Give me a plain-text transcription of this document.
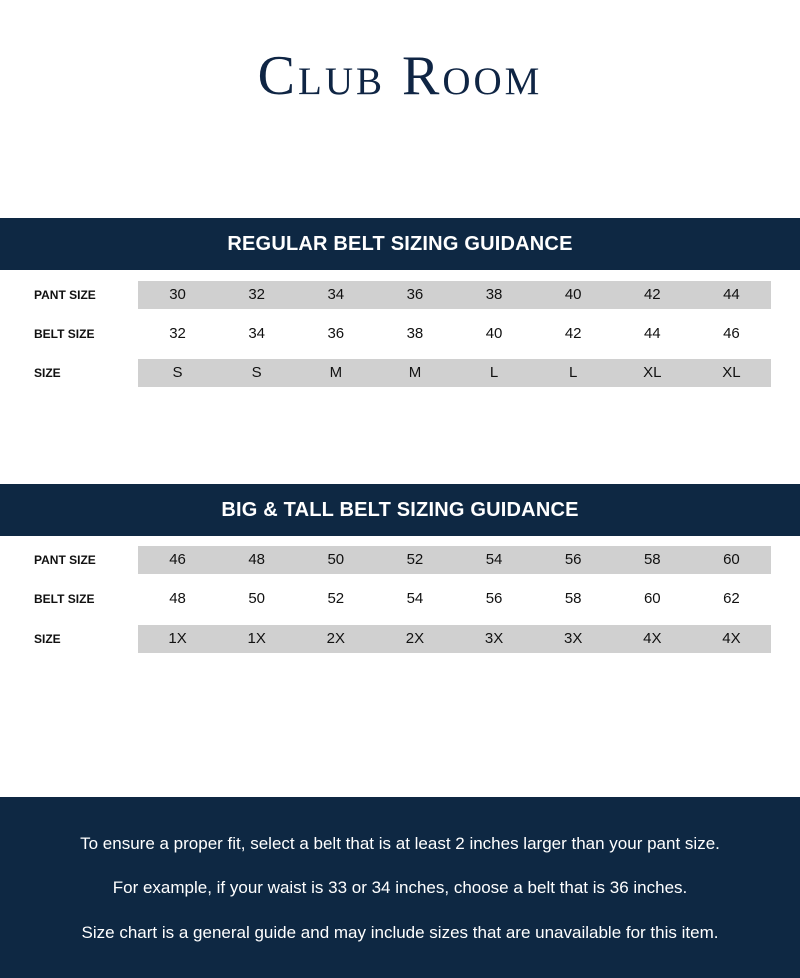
Club Room
REGULAR BELT SIZING GUIDANCE
PANT SIZE	30	32	34	36	38	40	42	44
BELT SIZE	32	34	36	38	40	42	44	46
SIZE	S	S	M	M	L	L	XL	XL
BIG & TALL BELT SIZING GUIDANCE
PANT SIZE	46	48	50	52	54	56	58	60
BELT SIZE	48	50	52	54	56	58	60	62
SIZE	1X	1X	2X	2X	3X	3X	4X	4X

To ensure a proper fit, select a belt that is at least 2 inches larger than your pant size.

For example, if your waist is 33 or 34 inches, choose a belt that is 36 inches.

Size chart is a general guide and may include sizes that are unavailable for this item.
